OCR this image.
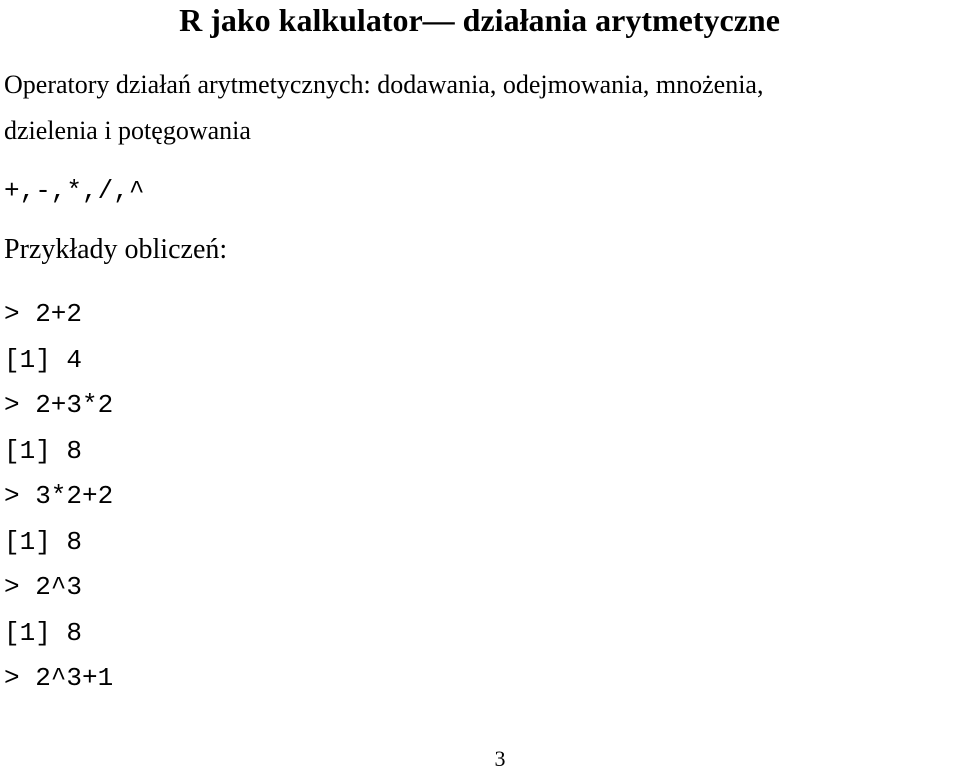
R jako kalkulator— działania arytmetyczne

Operatory działań arytmetycznych: dodawania, odejmowania, mnożenia,
dzielenia i potęgowania

+,-,*,/,^
Przykłady obliczeń:
> 2+2
[1] 4
> 2+3*2
[1] 8
> 3*2+2
[1] 8
> 2^3
[1] 8
> 2^3+1
3
